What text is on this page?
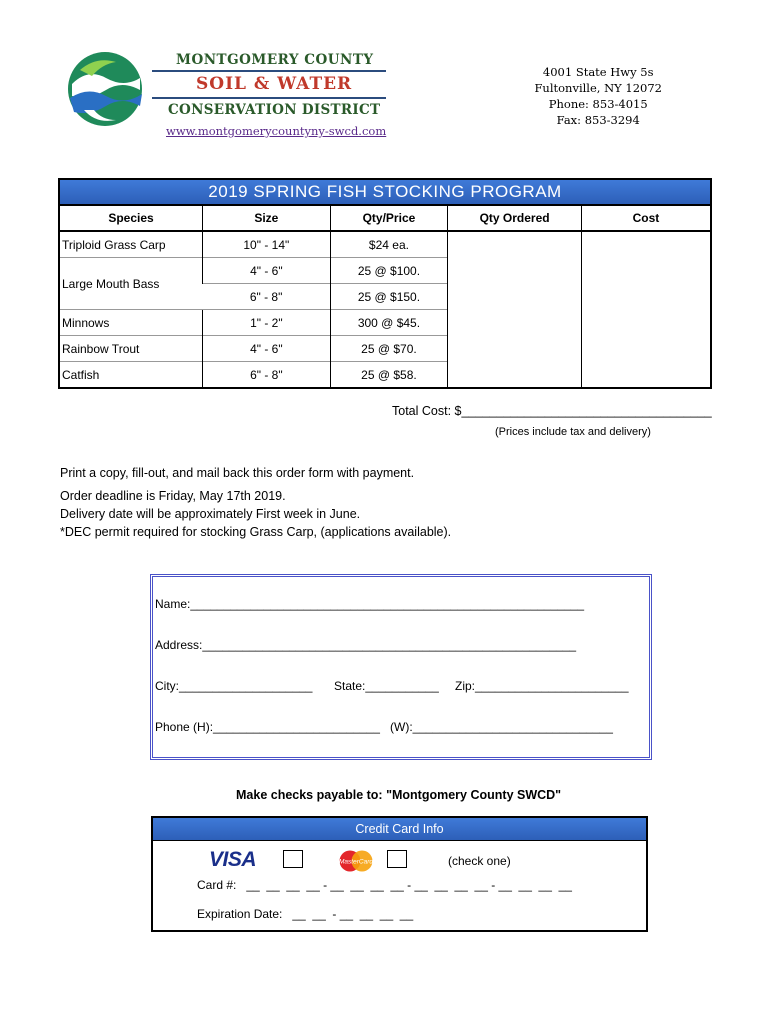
MONTGOMERY COUNTY
SOIL & WATER
CONSERVATION DISTRICT
www.montgomerycountyny-swcd.com
4001 State Hwy 5s
Fultonville, NY 12072
Phone: 853-4015
Fax: 853-3294
2019 SPRING FISH STOCKING PROGRAM
Species	Size	Qty/Price	Qty Ordered	Cost
Triploid Grass Carp	10" - 14"	$24 ea.		
Large Mouth Bass	4" - 6"	25 @ $100.		
	6" - 8"	25 @ $150.		
Minnows	1" - 2"	300 @ $45.		
Rainbow Trout	4" - 6"	25 @ $70.		
Catfish	6" - 8"	25 @ $58.		
Total Cost: $____________________________________
(Prices include tax and delivery)
Print a copy, fill-out, and mail back this order form with payment.
Order deadline is Friday, May 17th 2019.
Delivery date will be approximately First week in June.
*DEC permit required for stocking Grass Carp, (applications available).
Name:___________________________________________________________
Address:________________________________________________________
City:____________________ State:___________ Zip:_______________________
Phone (H):_________________________ (W):______________________________
Make checks payable to: "Montgomery County SWCD"
Credit Card Info
VISA	MasterCard	(check one)
Card #:   __  __  __  __ - __  __  __  __ - __  __  __  __ - __  __  __  __
Expiration Date:   __  __  - __  __  __  __
